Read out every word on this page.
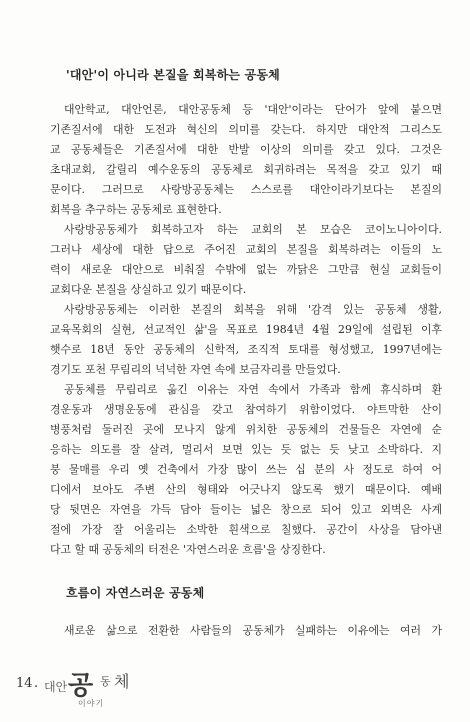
'대안'이 아니라 본질을 회복하는 공동체
대안학교, 대안언론, 대안공동체 등 '대안'이라는 단어가 앞에 붙으면
기존질서에 대한 도전과 혁신의 의미를 갖는다. 하지만 대안적 그리스도
교 공동체들은 기존질서에 대한 반발 이상의 의미를 갖고 있다. 그것은
초대교회, 갈릴리 예수운동의 공동체로 회귀하려는 목적을 갖고 있기 때
문이다. 그러므로 사랑방공동체는 스스로를 대안이라기보다는 본질의
회복을 추구하는 공동체로 표현한다.
사랑방공동체가 회복하고자 하는 교회의 본 모습은 코이노니아이다.
그러나 세상에 대한 답으로 주어진 교회의 본질을 회복하려는 이들의 노
력이 새로운 대안으로 비춰질 수밖에 없는 까닭은 그만큼 현실 교회들이
교회다운 본질을 상실하고 있기 때문이다.
사랑방공동체는 이러한 본질의 회복을 위해 '감격 있는 공동체 생활,
교육목회의 실현, 선교적인 삶'을 목표로 1984년 4월 29일에 설립된 이후
햇수로 18년 동안 공동체의 신학적, 조직적 토대를 형성했고, 1997년에는
경기도 포천 무림리의 넉넉한 자연 속에 보금자리를 만들었다.
공동체를 무림리로 옮긴 이유는 자연 속에서 가족과 함께 휴식하며 환
경운동과 생명운동에 관심을 갖고 참여하기 위함이었다. 야트막한 산이
병풍처럼 둘러진 곳에 모나지 않게 위치한 공동체의 건물들은 자연에 순
응하는 의도를 잘 살려, 멀리서 보면 있는 듯 없는 듯 낮고 소박하다. 지
붕 물매를 우리 옛 건축에서 가장 많이 쓰는 십 분의 사 정도로 하여 어
디에서 보아도 주변 산의 형태와 어긋나지 않도록 했기 때문이다. 예배
당 뒷면은 자연을 가득 담아 들이는 넓은 창으로 되어 있고 외벽은 사계
절에 가장 잘 어울리는 소박한 흰색으로 칠했다. 공간이 사상을 담아낸
다고 할 때 공동체의 터전은 '자연스러운 흐름'을 상징한다.
흐름이 자연스러운 공동체
새로운 삶으로 전환한 사람들의 공동체가 실패하는 이유에는 여러 가
14 . 대안 공 동 체
이야기
